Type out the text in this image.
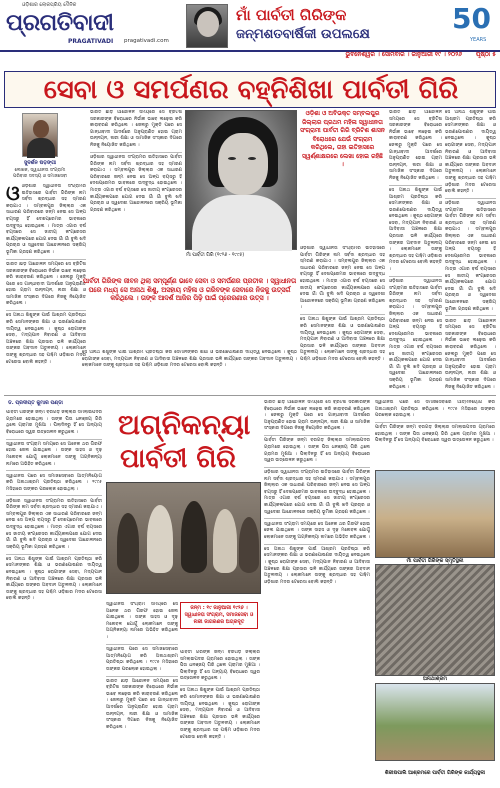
ଓଡ଼ିଶାର ଲୋକପ୍ରିୟ ଦୈନିକ
ପ୍ରଗତିବାଦୀ
PRAGATIVADI pragativadi.com
ମାଁ ପାର୍ବତୀ ଗିରିଙ୍କ
ଜନ୍ମଶତବାର୍ଷିକୀ ଉପଲକ୍ଷେ	50
YEARS
ଭୁବନେଶ୍ୱର । ସୋମବାର । ଜାନୁଆରୀ ୧୯ । ୨୦୨୬ ପୃଷ୍ଠା ୫
ସେବା ଓ ସମର୍ପଣର ବହ୍ନିଶିଖା ପାର୍ବତୀ ଗିରି
ସୁଦର୍ଶନ ଷଡ଼ଙ୍ଗୀ
ଲେଖକ, ସ୍ୱାଧୀନତା ସଂଗ୍ରାମୀ ପରିବାର ସଦସ୍ୟ ଓ ସମାଜସେବୀ
ଓ ଓଡ଼ିଶାର ସ୍ୱାଧୀନତା ସଂଗ୍ରାମର ଇତିହାସରେ ପାର୍ବତୀ ଗିରିଙ୍କ ନାମ ସର୍ବଦା ଶ୍ରଦ୍ଧାର ସହ ସ୍ମରଣ କରାଯାଏ । ସମ୍ବଲପୁର ଜିଲ୍ଲାର ଏକ ସାଧାରଣ ପରିବାରରେ ଜନ୍ମ ନେଇ ସେ ଅଳ୍ପ ବୟସରୁ ହିଁ ଦେଶପ୍ରେମର ଭାବନାରେ ଉଦ୍ବୁଦ୍ଧ ହୋଇଥିଲେ । ମାତ୍ର ଏଗାର ବର୍ଷ ବୟସରେ ସେ ଜାତୀୟ କଂଗ୍ରେସର କାର୍ଯ୍ୟକଳାପରେ ଯୋଗ ଦେଇ ଗାଁ ଗାଁ ବୁଲି ଖଦି ପ୍ରଚାର ଓ ସ୍ୱଦେଶୀ ଆନ୍ଦୋଳନରେ ସକ୍ରିୟ ଭୂମିକା ଗ୍ରହଣ କରିଥିଲେ ।
ଭାରତ ଛାଡ଼ ଆନ୍ଦୋଳନ ସମୟରେ ସେ ବ୍ରିଟିଶ ସରକାରଙ୍କ ବିରୋଧରେ ନିର୍ଭୀକ ଭାବେ ଲଢ଼େଇ କରି କାରାବରଣ କରିଥିଲେ । ଜେଲରୁ ମୁକ୍ତି ପରେ ସେ ଗାନ୍ଧୀବାଦୀ ଆଦର୍ଶରେ ଅନୁପ୍ରାଣିତ ହୋଇ ଗ୍ରାମ ଉନ୍ନୟନ, ନାରୀ ଶିକ୍ଷା ଓ ସାମାଜିକ ସଂସ୍କାର ଦିଗରେ ନିଜକୁ ନିୟୋଜିତ କରିଥିଲେ ।
ସେ ଅନାଥ ଶିଶୁଙ୍କ ପାଇଁ ଆଶ୍ରମ ପ୍ରତିଷ୍ଠା କରି ସେମାନଙ୍କର ଶିକ୍ଷା ଓ ଭରଣପୋଷଣର ଦାୟିତ୍ୱ ନେଇଥିଲେ । କୁଷ୍ଠ ରୋଗୀଙ୍କ ସେବା, ମଦ୍ୟପାନ ନିବାରଣ ଓ ଆଦିବାସୀ ଅଞ୍ଚଳରେ ଶିକ୍ଷା ପ୍ରସାର ଭଳି କାର୍ଯ୍ୟରେ ତାଙ୍କର ଅବଦାନ ଅତୁଳନୀୟ । ଲୋକମାନେ ତାଙ୍କୁ ଶ୍ରଦ୍ଧାର ସହ ପଶ୍ଚିମ ଓଡ଼ିଶାର ମଦର ଟେରେସା ବୋଲି କହନ୍ତି ।
ଭାରତ ଛାଡ଼ ଆନ୍ଦୋଳନ ସମୟରେ ସେ ବ୍ରିଟିଶ ସରକାରଙ୍କ ବିରୋଧରେ ନିର୍ଭୀକ ଭାବେ ଲଢ଼େଇ କରି କାରାବରଣ କରିଥିଲେ । ଜେଲରୁ ମୁକ୍ତି ପରେ ସେ ଗାନ୍ଧୀବାଦୀ ଆଦର୍ଶରେ ଅନୁପ୍ରାଣିତ ହୋଇ ଗ୍ରାମ ଉନ୍ନୟନ, ନାରୀ ଶିକ୍ଷା ଓ ସାମାଜିକ ସଂସ୍କାର ଦିଗରେ ନିଜକୁ ନିୟୋଜିତ କରିଥିଲେ ।
ଓଡ଼ିଶାର ସ୍ୱାଧୀନତା ସଂଗ୍ରାମର ଇତିହାସରେ ପାର୍ବତୀ ଗିରିଙ୍କ ନାମ ସର୍ବଦା ଶ୍ରଦ୍ଧାର ସହ ସ୍ମରଣ କରାଯାଏ । ସମ୍ବଲପୁର ଜିଲ୍ଲାର ଏକ ସାଧାରଣ ପରିବାରରେ ଜନ୍ମ ନେଇ ସେ ଅଳ୍ପ ବୟସରୁ ହିଁ ଦେଶପ୍ରେମର ଭାବନାରେ ଉଦ୍ବୁଦ୍ଧ ହୋଇଥିଲେ । ମାତ୍ର ଏଗାର ବର୍ଷ ବୟସରେ ସେ ଜାତୀୟ କଂଗ୍ରେସର କାର୍ଯ୍ୟକଳାପରେ ଯୋଗ ଦେଇ ଗାଁ ଗାଁ ବୁଲି ଖଦି ପ୍ରଚାର ଓ ସ୍ୱଦେଶୀ ଆନ୍ଦୋଳନରେ ସକ୍ରିୟ ଭୂମିକା ଗ୍ରହଣ କରିଥିଲେ ।
ମାଁ ପାର୍ବତୀ ଗିରି (୧୯୨୬ - ୧୯୯୫)
ଓଡ଼ିଶା ଓ ଅବିଭକ୍ତ ସମ୍ବଲପୁର ଜିଲ୍ଲାର ପ୍ରଥମ ମହିଳା ସ୍ୱାଧୀନତା ସଂଗ୍ରାମୀ ପାର୍ବତୀ ଗିରି ବ୍ରିଟିଶ ଶାସନ ବିରୋଧରେ ଯେଉଁ ସଂଗ୍ରାମ କରିଥିଲେ, ତାହା ଇତିହାସରେ ସ୍ୱର୍ଣ୍ଣାକ୍ଷରରେ ଲେଖା ହୋଇ ରହିଛି ।
ପାର୍ବତୀ ଗିରିଙ୍କ ଜୀବନ ଥିଲା ସମ୍ପୂର୍ଣ୍ଣ ଭାବେ ସେବା ଓ ସମର୍ପଣର ପ୍ରତୀକ । ସ୍ୱାଧୀନତା ପରେ ମଧ୍ୟ ସେ ଅନାଥ ଶିଶୁ, ଅସହାୟ ମହିଳା ଓ ଗରିବଙ୍କ ସେବାରେ ନିଜକୁ ଉତ୍ସର୍ଗ କରିଥିଲେ । ତାଙ୍କ ଆଦର୍ଶ ଆଜିର ପିଢ଼ି ପାଇଁ ପ୍ରେରଣାର ଉତ୍ସ ।
ସେ ଅନାଥ ଶିଶୁଙ୍କ ପାଇଁ ଆଶ୍ରମ ପ୍ରତିଷ୍ଠା କରି ସେମାନଙ୍କର ଶିକ୍ଷା ଓ ଭରଣପୋଷଣର ଦାୟିତ୍ୱ ନେଇଥିଲେ । କୁଷ୍ଠ ରୋଗୀଙ୍କ ସେବା, ମଦ୍ୟପାନ ନିବାରଣ ଓ ଆଦିବାସୀ ଅଞ୍ଚଳରେ ଶିକ୍ଷା ପ୍ରସାର ଭଳି କାର୍ଯ୍ୟରେ ତାଙ୍କର ଅବଦାନ ଅତୁଳନୀୟ । ଲୋକମାନେ ତାଙ୍କୁ ଶ୍ରଦ୍ଧାର ସହ ପଶ୍ଚିମ ଓଡ଼ିଶାର ମଦର ଟେରେସା ବୋଲି କହନ୍ତି ।
ଓଡ଼ିଶାର ସ୍ୱାଧୀନତା ସଂଗ୍ରାମର ଇତିହାସରେ ପାର୍ବତୀ ଗିରିଙ୍କ ନାମ ସର୍ବଦା ଶ୍ରଦ୍ଧାର ସହ ସ୍ମରଣ କରାଯାଏ । ସମ୍ବଲପୁର ଜିଲ୍ଲାର ଏକ ସାଧାରଣ ପରିବାରରେ ଜନ୍ମ ନେଇ ସେ ଅଳ୍ପ ବୟସରୁ ହିଁ ଦେଶପ୍ରେମର ଭାବନାରେ ଉଦ୍ବୁଦ୍ଧ ହୋଇଥିଲେ । ମାତ୍ର ଏଗାର ବର୍ଷ ବୟସରେ ସେ ଜାତୀୟ କଂଗ୍ରେସର କାର୍ଯ୍ୟକଳାପରେ ଯୋଗ ଦେଇ ଗାଁ ଗାଁ ବୁଲି ଖଦି ପ୍ରଚାର ଓ ସ୍ୱଦେଶୀ ଆନ୍ଦୋଳନରେ ସକ୍ରିୟ ଭୂମିକା ଗ୍ରହଣ କରିଥିଲେ ।
ସେ ଅନାଥ ଶିଶୁଙ୍କ ପାଇଁ ଆଶ୍ରମ ପ୍ରତିଷ୍ଠା କରି ସେମାନଙ୍କର ଶିକ୍ଷା ଓ ଭରଣପୋଷଣର ଦାୟିତ୍ୱ ନେଇଥିଲେ । କୁଷ୍ଠ ରୋଗୀଙ୍କ ସେବା, ମଦ୍ୟପାନ ନିବାରଣ ଓ ଆଦିବାସୀ ଅଞ୍ଚଳରେ ଶିକ୍ଷା ପ୍ରସାର ଭଳି କାର୍ଯ୍ୟରେ ତାଙ୍କର ଅବଦାନ ଅତୁଳନୀୟ । ଲୋକମାନେ ତାଙ୍କୁ ଶ୍ରଦ୍ଧାର ସହ ପଶ୍ଚିମ ଓଡ଼ିଶାର ମଦର ଟେରେସା ବୋଲି କହନ୍ତି ।
ଭାରତ ଛାଡ଼ ଆନ୍ଦୋଳନ ସମୟରେ ସେ ବ୍ରିଟିଶ ସରକାରଙ୍କ ବିରୋଧରେ ନିର୍ଭୀକ ଭାବେ ଲଢ଼େଇ କରି କାରାବରଣ କରିଥିଲେ । ଜେଲରୁ ମୁକ୍ତି ପରେ ସେ ଗାନ୍ଧୀବାଦୀ ଆଦର୍ଶରେ ଅନୁପ୍ରାଣିତ ହୋଇ ଗ୍ରାମ ଉନ୍ନୟନ, ନାରୀ ଶିକ୍ଷା ଓ ସାମାଜିକ ସଂସ୍କାର ଦିଗରେ ନିଜକୁ ନିୟୋଜିତ କରିଥିଲେ ।
ସେ ଅନାଥ ଶିଶୁଙ୍କ ପାଇଁ ଆଶ୍ରମ ପ୍ରତିଷ୍ଠା କରି ସେମାନଙ୍କର ଶିକ୍ଷା ଓ ଭରଣପୋଷଣର ଦାୟିତ୍ୱ ନେଇଥିଲେ । କୁଷ୍ଠ ରୋଗୀଙ୍କ ସେବା, ମଦ୍ୟପାନ ନିବାରଣ ଓ ଆଦିବାସୀ ଅଞ୍ଚଳରେ ଶିକ୍ଷା ପ୍ରସାର ଭଳି କାର୍ଯ୍ୟରେ ତାଙ୍କର ଅବଦାନ ଅତୁଳନୀୟ । ଲୋକମାନେ ତାଙ୍କୁ ଶ୍ରଦ୍ଧାର ସହ ପଶ୍ଚିମ ଓଡ଼ିଶାର ମଦର ଟେରେସା ବୋଲି କହନ୍ତି ।
ଓଡ଼ିଶାର ସ୍ୱାଧୀନତା ସଂଗ୍ରାମର ଇତିହାସରେ ପାର୍ବତୀ ଗିରିଙ୍କ ନାମ ସର୍ବଦା ଶ୍ରଦ୍ଧାର ସହ ସ୍ମରଣ କରାଯାଏ । ସମ୍ବଲପୁର ଜିଲ୍ଲାର ଏକ ସାଧାରଣ ପରିବାରରେ ଜନ୍ମ ନେଇ ସେ ଅଳ୍ପ ବୟସରୁ ହିଁ ଦେଶପ୍ରେମର ଭାବନାରେ ଉଦ୍ବୁଦ୍ଧ ହୋଇଥିଲେ । ମାତ୍ର ଏଗାର ବର୍ଷ ବୟସରେ ସେ ଜାତୀୟ କଂଗ୍ରେସର କାର୍ଯ୍ୟକଳାପରେ ଯୋଗ ଦେଇ ଗାଁ ଗାଁ ବୁଲି ଖଦି ପ୍ରଚାର ଓ ସ୍ୱଦେଶୀ ଆନ୍ଦୋଳନରେ ସକ୍ରିୟ ଭୂମିକା ଗ୍ରହଣ କରିଥିଲେ ।
ସେ ଅନାଥ ଶିଶୁଙ୍କ ପାଇଁ ଆଶ୍ରମ ପ୍ରତିଷ୍ଠା କରି ସେମାନଙ୍କର ଶିକ୍ଷା ଓ ଭରଣପୋଷଣର ଦାୟିତ୍ୱ ନେଇଥିଲେ । କୁଷ୍ଠ ରୋଗୀଙ୍କ ସେବା, ମଦ୍ୟପାନ ନିବାରଣ ଓ ଆଦିବାସୀ ଅଞ୍ଚଳରେ ଶିକ୍ଷା ପ୍ରସାର ଭଳି କାର୍ଯ୍ୟରେ ତାଙ୍କର ଅବଦାନ ଅତୁଳନୀୟ । ଲୋକମାନେ ତାଙ୍କୁ ଶ୍ରଦ୍ଧାର ସହ ପଶ୍ଚିମ ଓଡ଼ିଶାର ମଦର ଟେରେସା ବୋଲି କହନ୍ତି ।
ଓଡ଼ିଶାର ସ୍ୱାଧୀନତା ସଂଗ୍ରାମର ଇତିହାସରେ ପାର୍ବତୀ ଗିରିଙ୍କ ନାମ ସର୍ବଦା ଶ୍ରଦ୍ଧାର ସହ ସ୍ମରଣ କରାଯାଏ । ସମ୍ବଲପୁର ଜିଲ୍ଲାର ଏକ ସାଧାରଣ ପରିବାରରେ ଜନ୍ମ ନେଇ ସେ ଅଳ୍ପ ବୟସରୁ ହିଁ ଦେଶପ୍ରେମର ଭାବନାରେ ଉଦ୍ବୁଦ୍ଧ ହୋଇଥିଲେ । ମାତ୍ର ଏଗାର ବର୍ଷ ବୟସରେ ସେ ଜାତୀୟ କଂଗ୍ରେସର କାର୍ଯ୍ୟକଳାପରେ ଯୋଗ ଦେଇ ଗାଁ ଗାଁ ବୁଲି ଖଦି ପ୍ରଚାର ଓ ସ୍ୱଦେଶୀ ଆନ୍ଦୋଳନରେ ସକ୍ରିୟ ଭୂମିକା ଗ୍ରହଣ କରିଥିଲେ ।
ଭାରତ ଛାଡ଼ ଆନ୍ଦୋଳନ ସମୟରେ ସେ ବ୍ରିଟିଶ ସରକାରଙ୍କ ବିରୋଧରେ ନିର୍ଭୀକ ଭାବେ ଲଢ଼େଇ କରି କାରାବରଣ କରିଥିଲେ । ଜେଲରୁ ମୁକ୍ତି ପରେ ସେ ଗାନ୍ଧୀବାଦୀ ଆଦର୍ଶରେ ଅନୁପ୍ରାଣିତ ହୋଇ ଗ୍ରାମ ଉନ୍ନୟନ, ନାରୀ ଶିକ୍ଷା ଓ ସାମାଜିକ ସଂସ୍କାର ଦିଗରେ ନିଜକୁ ନିୟୋଜିତ କରିଥିଲେ ।
ଡ. ପ୍ରଦୀପ୍ତ କୁମାର ପଣ୍ଡା
ପାର୍ବତୀ ଗିରିଙ୍କ ଜନ୍ମ ବରଗଡ଼ ଜିଲ୍ଲାର ସମଲାଇପଦର ଗ୍ରାମରେ ହୋଇଥିଲା । ତାଙ୍କ ପିତା ଧନଞ୍ଜୟ ଗିରି ଥିଲେ ଗ୍ରାମର ମୁଖିଆ । ପିଲାଦିନରୁ ହିଁ ସେ ଅନ୍ୟାୟ ବିରୋଧରେ ସ୍ୱର ଉତ୍ତୋଳନ କରୁଥିଲେ ।
ସ୍ୱାଧୀନତା ସଂଗ୍ରାମ ସମୟରେ ସେ ଅନେକ ଥର ଗିରଫ ହୋଇ ଜେଲ ଯାଇଥିଲେ । ତାଙ୍କ ସାହସ ଓ ଦୃଢ଼ ମନୋବଳ ଯୋଗୁଁ ଲୋକମାନେ ତାଙ୍କୁ ଅଗ୍ନିକନ୍ୟା ନାମରେ ଅଭିହିତ କରିଥିଲେ ।
ସ୍ୱାଧୀନତା ପରେ ସେ ସମାଜସେବାରେ ଆତ୍ମନିୟୋଗ କରି ଅନାଥାଶ୍ରମ ପ୍ରତିଷ୍ଠା କରିଥିଲେ । ୧୯୯୫ ମସିହାରେ ତାଙ୍କର ପରଲୋକ ହୋଇଥିଲା ।
ଓଡ଼ିଶାର ସ୍ୱାଧୀନତା ସଂଗ୍ରାମର ଇତିହାସରେ ପାର୍ବତୀ ଗିରିଙ୍କ ନାମ ସର୍ବଦା ଶ୍ରଦ୍ଧାର ସହ ସ୍ମରଣ କରାଯାଏ । ସମ୍ବଲପୁର ଜିଲ୍ଲାର ଏକ ସାଧାରଣ ପରିବାରରେ ଜନ୍ମ ନେଇ ସେ ଅଳ୍ପ ବୟସରୁ ହିଁ ଦେଶପ୍ରେମର ଭାବନାରେ ଉଦ୍ବୁଦ୍ଧ ହୋଇଥିଲେ । ମାତ୍ର ଏଗାର ବର୍ଷ ବୟସରେ ସେ ଜାତୀୟ କଂଗ୍ରେସର କାର୍ଯ୍ୟକଳାପରେ ଯୋଗ ଦେଇ ଗାଁ ଗାଁ ବୁଲି ଖଦି ପ୍ରଚାର ଓ ସ୍ୱଦେଶୀ ଆନ୍ଦୋଳନରେ ସକ୍ରିୟ ଭୂମିକା ଗ୍ରହଣ କରିଥିଲେ ।
ସେ ଅନାଥ ଶିଶୁଙ୍କ ପାଇଁ ଆଶ୍ରମ ପ୍ରତିଷ୍ଠା କରି ସେମାନଙ୍କର ଶିକ୍ଷା ଓ ଭରଣପୋଷଣର ଦାୟିତ୍ୱ ନେଇଥିଲେ । କୁଷ୍ଠ ରୋଗୀଙ୍କ ସେବା, ମଦ୍ୟପାନ ନିବାରଣ ଓ ଆଦିବାସୀ ଅଞ୍ଚଳରେ ଶିକ୍ଷା ପ୍ରସାର ଭଳି କାର୍ଯ୍ୟରେ ତାଙ୍କର ଅବଦାନ ଅତୁଳନୀୟ । ଲୋକମାନେ ତାଙ୍କୁ ଶ୍ରଦ୍ଧାର ସହ ପଶ୍ଚିମ ଓଡ଼ିଶାର ମଦର ଟେରେସା ବୋଲି କହନ୍ତି ।
ଅଗ୍ନିକନ୍ୟା
ପାର୍ବତୀ ଗିରି
ସ୍ୱାଧୀନତା ସଂଗ୍ରାମ ସମୟରେ ସେ ଅନେକ ଥର ଗିରଫ ହୋଇ ଜେଲ ଯାଇଥିଲେ । ତାଙ୍କ ସାହସ ଓ ଦୃଢ଼ ମନୋବଳ ଯୋଗୁଁ ଲୋକମାନେ ତାଙ୍କୁ ଅଗ୍ନିକନ୍ୟା ନାମରେ ଅଭିହିତ କରିଥିଲେ ।
ସ୍ୱାଧୀନତା ପରେ ସେ ସମାଜସେବାରେ ଆତ୍ମନିୟୋଗ କରି ଅନାଥାଶ୍ରମ ପ୍ରତିଷ୍ଠା କରିଥିଲେ । ୧୯୯୫ ମସିହାରେ ତାଙ୍କର ପରଲୋକ ହୋଇଥିଲା ।
ଭାରତ ଛାଡ଼ ଆନ୍ଦୋଳନ ସମୟରେ ସେ ବ୍ରିଟିଶ ସରକାରଙ୍କ ବିରୋଧରେ ନିର୍ଭୀକ ଭାବେ ଲଢ଼େଇ କରି କାରାବରଣ କରିଥିଲେ । ଜେଲରୁ ମୁକ୍ତି ପରେ ସେ ଗାନ୍ଧୀବାଦୀ ଆଦର୍ଶରେ ଅନୁପ୍ରାଣିତ ହୋଇ ଗ୍ରାମ ଉନ୍ନୟନ, ନାରୀ ଶିକ୍ଷା ଓ ସାମାଜିକ ସଂସ୍କାର ଦିଗରେ ନିଜକୁ ନିୟୋଜିତ କରିଥିଲେ ।
ଜନ୍ମ : ୧୯ ଜାନୁଆରୀ ୧୯୨୬ । ସ୍ୱାଧୀନତା ସଂଗ୍ରାମ, ସମାଜସେବା ଓ ନାରୀ ଜାଗରଣର ଅଗ୍ରଦୂତ
ପାର୍ବତୀ ଗିରିଙ୍କ ଜନ୍ମ ବରଗଡ଼ ଜିଲ୍ଲାର ସମଲାଇପଦର ଗ୍ରାମରେ ହୋଇଥିଲା । ତାଙ୍କ ପିତା ଧନଞ୍ଜୟ ଗିରି ଥିଲେ ଗ୍ରାମର ମୁଖିଆ । ପିଲାଦିନରୁ ହିଁ ସେ ଅନ୍ୟାୟ ବିରୋଧରେ ସ୍ୱର ଉତ୍ତୋଳନ କରୁଥିଲେ ।
ସେ ଅନାଥ ଶିଶୁଙ୍କ ପାଇଁ ଆଶ୍ରମ ପ୍ରତିଷ୍ଠା କରି ସେମାନଙ୍କର ଶିକ୍ଷା ଓ ଭରଣପୋଷଣର ଦାୟିତ୍ୱ ନେଇଥିଲେ । କୁଷ୍ଠ ରୋଗୀଙ୍କ ସେବା, ମଦ୍ୟପାନ ନିବାରଣ ଓ ଆଦିବାସୀ ଅଞ୍ଚଳରେ ଶିକ୍ଷା ପ୍ରସାର ଭଳି କାର୍ଯ୍ୟରେ ତାଙ୍କର ଅବଦାନ ଅତୁଳନୀୟ । ଲୋକମାନେ ତାଙ୍କୁ ଶ୍ରଦ୍ଧାର ସହ ପଶ୍ଚିମ ଓଡ଼ିଶାର ମଦର ଟେରେସା ବୋଲି କହନ୍ତି ।
ଭାରତ ଛାଡ଼ ଆନ୍ଦୋଳନ ସମୟରେ ସେ ବ୍ରିଟିଶ ସରକାରଙ୍କ ବିରୋଧରେ ନିର୍ଭୀକ ଭାବେ ଲଢ଼େଇ କରି କାରାବରଣ କରିଥିଲେ । ଜେଲରୁ ମୁକ୍ତି ପରେ ସେ ଗାନ୍ଧୀବାଦୀ ଆଦର୍ଶରେ ଅନୁପ୍ରାଣିତ ହୋଇ ଗ୍ରାମ ଉନ୍ନୟନ, ନାରୀ ଶିକ୍ଷା ଓ ସାମାଜିକ ସଂସ୍କାର ଦିଗରେ ନିଜକୁ ନିୟୋଜିତ କରିଥିଲେ ।
ପାର୍ବତୀ ଗିରିଙ୍କ ଜନ୍ମ ବରଗଡ଼ ଜିଲ୍ଲାର ସମଲାଇପଦର ଗ୍ରାମରେ ହୋଇଥିଲା । ତାଙ୍କ ପିତା ଧନଞ୍ଜୟ ଗିରି ଥିଲେ ଗ୍ରାମର ମୁଖିଆ । ପିଲାଦିନରୁ ହିଁ ସେ ଅନ୍ୟାୟ ବିରୋଧରେ ସ୍ୱର ଉତ୍ତୋଳନ କରୁଥିଲେ ।
ଓଡ଼ିଶାର ସ୍ୱାଧୀନତା ସଂଗ୍ରାମର ଇତିହାସରେ ପାର୍ବତୀ ଗିରିଙ୍କ ନାମ ସର୍ବଦା ଶ୍ରଦ୍ଧାର ସହ ସ୍ମରଣ କରାଯାଏ । ସମ୍ବଲପୁର ଜିଲ୍ଲାର ଏକ ସାଧାରଣ ପରିବାରରେ ଜନ୍ମ ନେଇ ସେ ଅଳ୍ପ ବୟସରୁ ହିଁ ଦେଶପ୍ରେମର ଭାବନାରେ ଉଦ୍ବୁଦ୍ଧ ହୋଇଥିଲେ । ମାତ୍ର ଏଗାର ବର୍ଷ ବୟସରେ ସେ ଜାତୀୟ କଂଗ୍ରେସର କାର୍ଯ୍ୟକଳାପରେ ଯୋଗ ଦେଇ ଗାଁ ଗାଁ ବୁଲି ଖଦି ପ୍ରଚାର ଓ ସ୍ୱଦେଶୀ ଆନ୍ଦୋଳନରେ ସକ୍ରିୟ ଭୂମିକା ଗ୍ରହଣ କରିଥିଲେ ।
ସ୍ୱାଧୀନତା ସଂଗ୍ରାମ ସମୟରେ ସେ ଅନେକ ଥର ଗିରଫ ହୋଇ ଜେଲ ଯାଇଥିଲେ । ତାଙ୍କ ସାହସ ଓ ଦୃଢ଼ ମନୋବଳ ଯୋଗୁଁ ଲୋକମାନେ ତାଙ୍କୁ ଅଗ୍ନିକନ୍ୟା ନାମରେ ଅଭିହିତ କରିଥିଲେ ।
ସେ ଅନାଥ ଶିଶୁଙ୍କ ପାଇଁ ଆଶ୍ରମ ପ୍ରତିଷ୍ଠା କରି ସେମାନଙ୍କର ଶିକ୍ଷା ଓ ଭରଣପୋଷଣର ଦାୟିତ୍ୱ ନେଇଥିଲେ । କୁଷ୍ଠ ରୋଗୀଙ୍କ ସେବା, ମଦ୍ୟପାନ ନିବାରଣ ଓ ଆଦିବାସୀ ଅଞ୍ଚଳରେ ଶିକ୍ଷା ପ୍ରସାର ଭଳି କାର୍ଯ୍ୟରେ ତାଙ୍କର ଅବଦାନ ଅତୁଳନୀୟ । ଲୋକମାନେ ତାଙ୍କୁ ଶ୍ରଦ୍ଧାର ସହ ପଶ୍ଚିମ ଓଡ଼ିଶାର ମଦର ଟେରେସା ବୋଲି କହନ୍ତି ।
ସ୍ୱାଧୀନତା ପରେ ସେ ସମାଜସେବାରେ ଆତ୍ମନିୟୋଗ କରି ଅନାଥାଶ୍ରମ ପ୍ରତିଷ୍ଠା କରିଥିଲେ । ୧୯୯୫ ମସିହାରେ ତାଙ୍କର ପରଲୋକ ହୋଇଥିଲା ।
ପାର୍ବତୀ ଗିରିଙ୍କ ଜନ୍ମ ବରଗଡ଼ ଜିଲ୍ଲାର ସମଲାଇପଦର ଗ୍ରାମରେ ହୋଇଥିଲା । ତାଙ୍କ ପିତା ଧନଞ୍ଜୟ ଗିରି ଥିଲେ ଗ୍ରାମର ମୁଖିଆ । ପିଲାଦିନରୁ ହିଁ ସେ ଅନ୍ୟାୟ ବିରୋଧରେ ସ୍ୱର ଉତ୍ତୋଳନ କରୁଥିଲେ ।
ମାଁ ପାର୍ବତୀ ଗିରିଙ୍କ ସ୍ମୃତିସ୍ଥଳୀ
ଅନାଥାଶ୍ରମ
ଶିରୀଷପାଲି ଆଶ୍ରମରେ ପାର୍ବତୀ ଗିରିଙ୍କ କାର୍ଯ୍ୟସ୍ଥଳୀ
